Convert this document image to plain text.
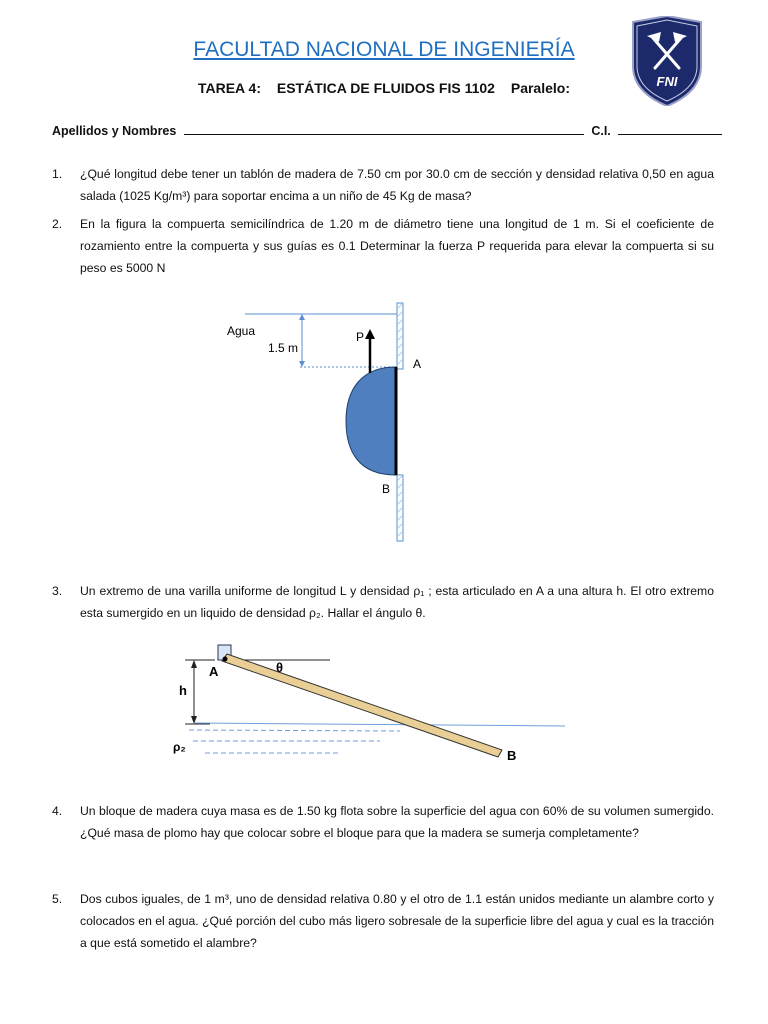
FACULTAD NACIONAL DE INGENIERÍA
FNI
TAREA 4: ESTÁTICA DE FLUIDOS FIS 1102 Paralelo:
Apellidos y Nombres	C.I.
1. ¿Qué longitud debe tener un tablón de madera de 7.50 cm por 30.0 cm de sección y densidad relativa 0,50 en agua salada (1025 Kg/m³) para soportar encima a un niño de 45 Kg de masa?
2. En la figura la compuerta semicilíndrica de 1.20 m de diámetro tiene una longitud de 1 m. Si el coeficiente de rozamiento entre la compuerta y sus guías es 0.1 Determinar la fuerza P requerida para elevar la compuerta si su peso es 5000 N
Agua
1.5 m
P
A
B
3. Un extremo de una varilla uniforme de longitud L y densidad ρ₁ ; esta articulado en A a una altura h. El otro extremo esta sumergido en un liquido de densidad ρ₂. Hallar el ángulo θ.
A
B
h
θ
ρ₂
4. Un bloque de madera cuya masa es de 1.50 kg flota sobre la superficie del agua con 60% de su volumen sumergido. ¿Qué masa de plomo hay que colocar sobre el bloque para que la madera se sumerja completamente?
5. Dos cubos iguales, de 1 m³, uno de densidad relativa 0.80 y el otro de 1.1 están unidos mediante un alambre corto y colocados en el agua. ¿Qué porción del cubo más ligero sobresale de la superficie libre del agua y cual es la tracción a que está sometido el alambre?
